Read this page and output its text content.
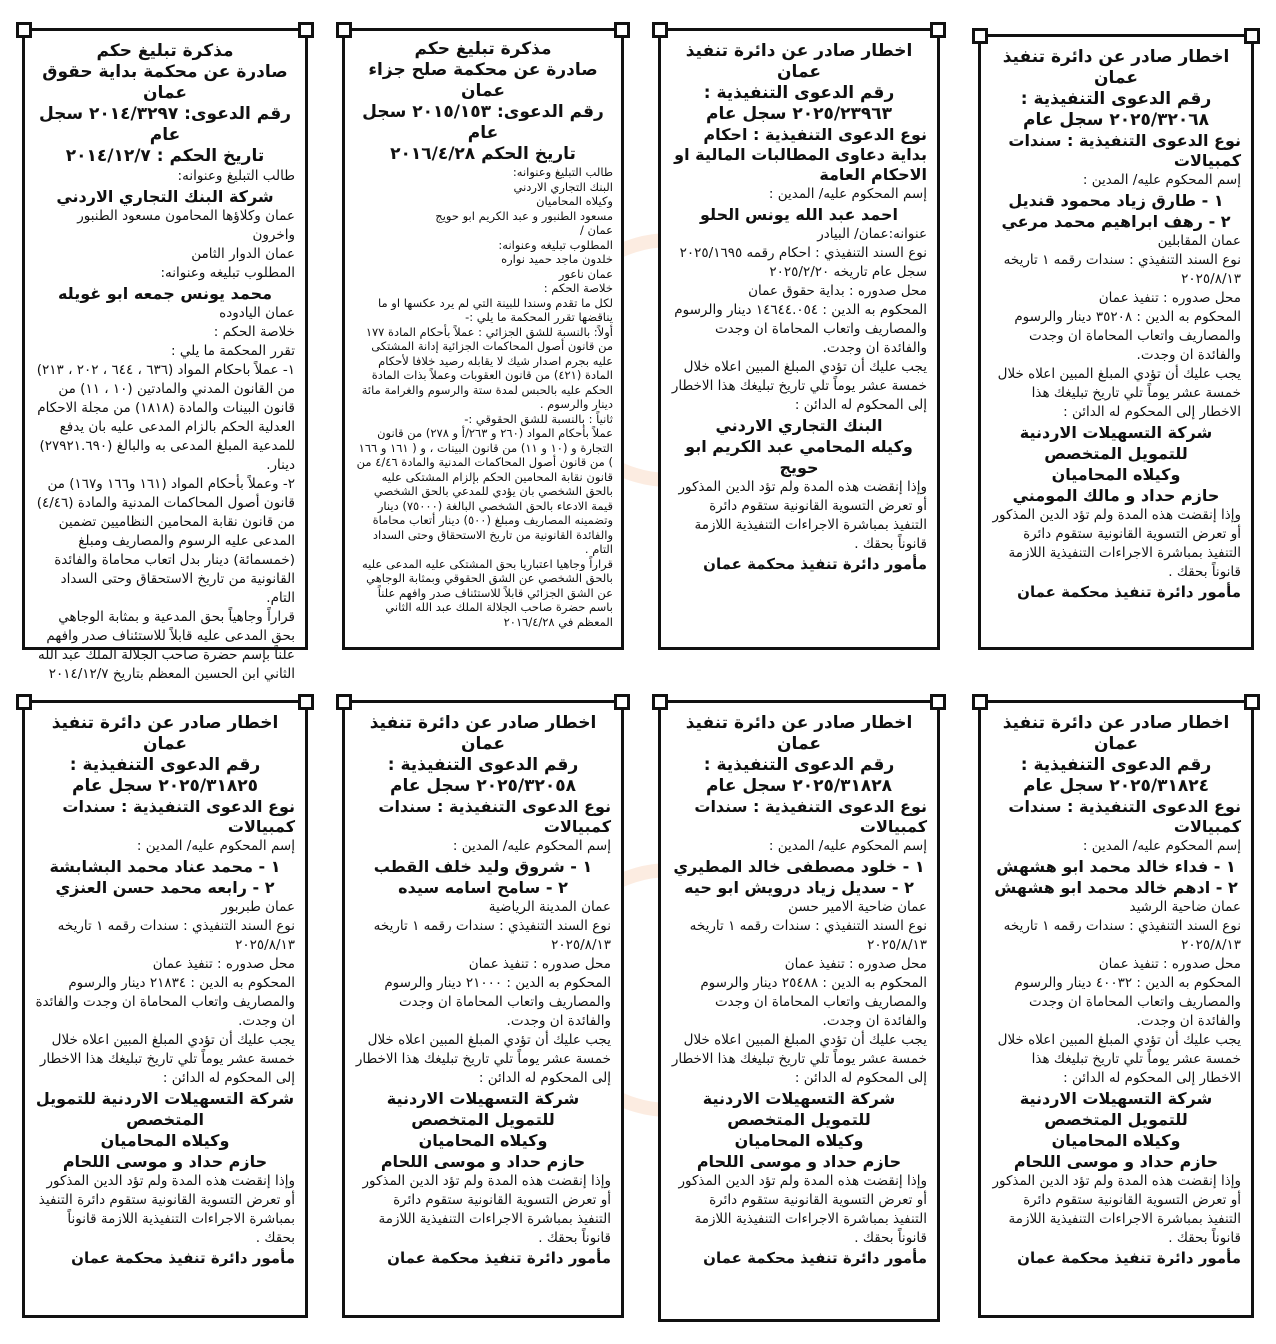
اخطار صادر عن دائرة تنفيذ عمان
رقم الدعوى التنفيذية :
٢٠٢٥/٣٢٠٦٨ سجل عام
نوع الدعوى التنفيذية : سندات كمبيالات
إسم المحكوم عليه/ المدين :
١ - طارق زياد محمود قنديل
٢ - رهف ابراهيم محمد مرعي
عمان المقابلين
نوع السند التنفيذي : سندات رقمه ١ تاريخه ٢٠٢٥/٨/١٣
محل صدوره : تنفيذ عمان
المحكوم به الدين : ٣٥٢٠٨ دينار والرسوم والمصاريف واتعاب المحاماة ان وجدت والفائدة ان وجدت.
يجب عليك أن تؤدي المبلغ المبين اعلاه خلال خمسة عشر يوماً تلي تاريخ تبليغك هذا الاخطار إلى المحكوم له الدائن :
شركة التسهيلات الاردنية للتمويل المتخصص
وكيلاه المحاميان
حازم حداد و مالك المومني
وإذا إنقضت هذه المدة ولم تؤد الدين المذكور أو تعرض التسوية القانونية ستقوم دائرة التنفيذ بمباشرة الاجراءات التنفيذية اللازمة قانوناً بحقك .
مأمور دائرة تنفيذ محكمة عمان
اخطار صادر عن دائرة تنفيذ عمان
رقم الدعوى التنفيذية :
٢٠٢٥/٢٣٩٦٣ سجل عام
نوع الدعوى التنفيذية : احكام بداية دعاوى المطالبات المالية او الاحكام العامة
إسم المحكوم عليه/ المدين :
احمد عبد الله يونس الحلو
عنوانه:عمان/ البيادر
نوع السند التنفيذي : احكام رقمه ٢٠٢٥/١٦٩٥ سجل عام تاريخه ٢٠٢٥/٢/٢٠
محل صدوره : بداية حقوق عمان
المحكوم به الدين : ١٤٦٤٤.٠٥٤ دينار والرسوم والمصاريف واتعاب المحاماة ان وجدت والفائدة ان وجدت.
يجب عليك أن تؤدي المبلغ المبين اعلاه خلال خمسة عشر يوماً تلي تاريخ تبليغك هذا الاخطار إلى المحكوم له الدائن :
البنك التجاري الاردني
وكيله المحامي عبد الكريم ابو حويج
وإذا إنقضت هذه المدة ولم تؤد الدين المذكور أو تعرض التسوية القانونية ستقوم دائرة التنفيذ بمباشرة الاجراءات التنفيذية اللازمة قانوناً بحقك .
مأمور دائرة تنفيذ محكمة عمان
مذكرة تبليغ حكم
صادرة عن محكمة صلح جزاء عمان
رقم الدعوى: ٢٠١٥/١٥٣ سجل عام
تاريخ الحكم ٢٠١٦/٤/٢٨
طالب التبليغ وعنوانه:
البنك التجاري الاردني
وكيلاه المحاميان
مسعود الطنبور و عبد الكريم ابو حويج
عمان /
المطلوب تبليغه وعنوانه:
خلدون ماجد حميد نواره
عمان ناعور
خلاصة الحكم :
لكل ما تقدم وسندا للبينة التي لم يرد عكسها او ما يناقضها تقرر المحكمة ما يلي :-
أولاً: بالنسبة للشق الجزائي : عملاً بأحكام المادة ١٧٧ من قانون أصول المحاكمات الجزائية إدانة المشتكى عليه بجرم اصدار شيك لا يقابله رصيد خلافا لأحكام المادة (٤٢١) من قانون العقوبات وعملاً بذات المادة الحكم عليه بالحبس لمدة ستة والرسوم والغرامة مائة دينار والرسوم .
ثانياً : بالنسبة للشق الحقوقي :-
عملاً بأحكام المواد (٢٦٠ و ٢٦٣/أ و ٢٧٨) من قانون التجارة و (١٠ و ١١) من قانون البينات ، و ( ١٦١ و ١٦٦ ) من قانون أصول المحاكمات المدنية والمادة ٤/٤٦ من قانون نقابة المحامين الحكم بإلزام المشتكى عليه بالحق الشخصي بان يؤدي للمدعي بالحق الشخصي قيمة الادعاء بالحق الشخصي البالغة (٧٥٠٠٠) دينار وتضمينه المصاريف ومبلغ (٥٠٠) دينار أتعاب محاماة والفائدة القانونية من تاريخ الاستحقاق وحتى السداد التام .
قراراً وجاهيا اعتباريا بحق المشتكى عليه المدعى عليه بالحق الشخصي عن الشق الحقوقي وبمثابة الوجاهي عن الشق الجزائي قابلاً للاستئناف صدر وافهم علناً باسم حضرة صاحب الجلالة الملك عبد الله الثاني المعظم في ٢٠١٦/٤/٢٨
مذكرة تبليغ حكم
صادرة عن محكمة بداية حقوق عمان
رقم الدعوى: ٢٠١٤/٣٢٩٧ سجل عام
تاريخ الحكم : ٢٠١٤/١٢/٧
طالب التبليغ وعنوانه:
شركة البنك التجاري الاردني
عمان وكلاؤها المحامون مسعود الطنبور واخرون
عمان الدوار الثامن
المطلوب تبليغه وعنوانه:
محمد يونس جمعه ابو غويله
عمان اليادوده
خلاصة الحكم :
تقرر المحكمة ما يلي :
١- عملاً باحكام المواد (٦٣٦ ، ٦٤٤ ، ٢٠٢ ، ٢١٣) من القانون المدني والمادتين (١٠ ، ١١) من قانون البينات والمادة (١٨١٨) من مجلة الاحكام العدلية الحكم بالزام المدعى عليه بان يدفع للمدعية المبلغ المدعى به والبالغ (٢٧٩٢١.٦٩٠) دينار.
٢- وعملاً بأحكام المواد (١٦١ و١٦٦ و١٦٧) من قانون أصول المحاكمات المدنية والمادة (٤/٤٦) من قانون نقابة المحامين النظاميين تضمين المدعى عليه الرسوم والمصاريف ومبلغ (خمسمائة) دينار بدل اتعاب محاماة والفائدة القانونية من تاريخ الاستحقاق وحتى السداد التام.
قراراً وجاهياً بحق المدعية و بمثابة الوجاهي بحق المدعى عليه قابلاً للاستئناف صدر وافهم علناً بإسم حضرة صاحب الجلالة الملك عبد الله الثاني ابن الحسين المعظم بتاريخ ٢٠١٤/١٢/٧
اخطار صادر عن دائرة تنفيذ عمان
رقم الدعوى التنفيذية :
٢٠٢٥/٣١٨٢٤ سجل عام
نوع الدعوى التنفيذية : سندات كمبيالات
إسم المحكوم عليه/ المدين :
١ - فداء خالد محمد ابو هشهش
٢ - ادهم خالد محمد ابو هشهش
عمان ضاحية الرشيد
نوع السند التنفيذي : سندات رقمه ١ تاريخه ٢٠٢٥/٨/١٣
محل صدوره : تنفيذ عمان
المحكوم به الدين : ٤٠٠٣٢ دينار والرسوم والمصاريف واتعاب المحاماة ان وجدت والفائدة ان وجدت.
يجب عليك أن تؤدي المبلغ المبين اعلاه خلال خمسة عشر يوماً تلي تاريخ تبليغك هذا الاخطار إلى المحكوم له الدائن :
شركة التسهيلات الاردنية للتمويل المتخصص
وكيلاه المحاميان
حازم حداد و موسى اللحام
وإذا إنقضت هذه المدة ولم تؤد الدين المذكور أو تعرض التسوية القانونية ستقوم دائرة التنفيذ بمباشرة الاجراءات التنفيذية اللازمة قانوناً بحقك .
مأمور دائرة تنفيذ محكمة عمان
اخطار صادر عن دائرة تنفيذ عمان
رقم الدعوى التنفيذية :
٢٠٢٥/٣١٨٢٨ سجل عام
نوع الدعوى التنفيذية : سندات كمبيالات
إسم المحكوم عليه/ المدين :
١ - خلود مصطفى خالد المطيري
٢ - سديل زياد درويش ابو حيه
عمان ضاحية الامير حسن
نوع السند التنفيذي : سندات رقمه ١ تاريخه ٢٠٢٥/٨/١٣
محل صدوره : تنفيذ عمان
المحكوم به الدين : ٢٥٤٨٨ دينار والرسوم والمصاريف واتعاب المحاماة ان وجدت والفائدة ان وجدت.
يجب عليك أن تؤدي المبلغ المبين اعلاه خلال خمسة عشر يوماً تلي تاريخ تبليغك هذا الاخطار إلى المحكوم له الدائن :
شركة التسهيلات الاردنية للتمويل المتخصص
وكيلاه المحاميان
حازم حداد و موسى اللحام
وإذا إنقضت هذه المدة ولم تؤد الدين المذكور أو تعرض التسوية القانونية ستقوم دائرة التنفيذ بمباشرة الاجراءات التنفيذية اللازمة قانوناً بحقك .
مأمور دائرة تنفيذ محكمة عمان
اخطار صادر عن دائرة تنفيذ عمان
رقم الدعوى التنفيذية :
٢٠٢٥/٣٢٠٥٨ سجل عام
نوع الدعوى التنفيذية : سندات كمبيالات
إسم المحكوم عليه/ المدين :
١ - شروق وليد خلف القطب
٢ - سامح اسامه سيده
عمان المدينة الرياضية
نوع السند التنفيذي : سندات رقمه ١ تاريخه ٢٠٢٥/٨/١٣
محل صدوره : تنفيذ عمان
المحكوم به الدين : ٢١٠٠٠ دينار والرسوم والمصاريف واتعاب المحاماة ان وجدت والفائدة ان وجدت.
يجب عليك أن تؤدي المبلغ المبين اعلاه خلال خمسة عشر يوماً تلي تاريخ تبليغك هذا الاخطار إلى المحكوم له الدائن :
شركة التسهيلات الاردنية للتمويل المتخصص
وكيلاه المحاميان
حازم حداد و موسى اللحام
وإذا إنقضت هذه المدة ولم تؤد الدين المذكور أو تعرض التسوية القانونية ستقوم دائرة التنفيذ بمباشرة الاجراءات التنفيذية اللازمة قانوناً بحقك .
مأمور دائرة تنفيذ محكمة عمان
اخطار صادر عن دائرة تنفيذ عمان
رقم الدعوى التنفيذية :
٢٠٢٥/٣١٨٢٥ سجل عام
نوع الدعوى التنفيذية : سندات كمبيالات
إسم المحكوم عليه/ المدين :
١ - محمد عناد محمد البشابشة
٢ - رابعه محمد حسن العنزي
عمان طبربور
نوع السند التنفيذي : سندات رقمه ١ تاريخه ٢٠٢٥/٨/١٣
محل صدوره : تنفيذ عمان
المحكوم به الدين : ٢١٨٣٤ دينار والرسوم والمصاريف واتعاب المحاماة ان وجدت والفائدة ان وجدت.
يجب عليك أن تؤدي المبلغ المبين اعلاه خلال خمسة عشر يوماً تلي تاريخ تبليغك هذا الاخطار إلى المحكوم له الدائن :
شركة التسهيلات الاردنية للتمويل المتخصص
وكيلاه المحاميان
حازم حداد و موسى اللحام
وإذا إنقضت هذه المدة ولم تؤد الدين المذكور أو تعرض التسوية القانونية ستقوم دائرة التنفيذ بمباشرة الاجراءات التنفيذية اللازمة قانوناً بحقك .
مأمور دائرة تنفيذ محكمة عمان
